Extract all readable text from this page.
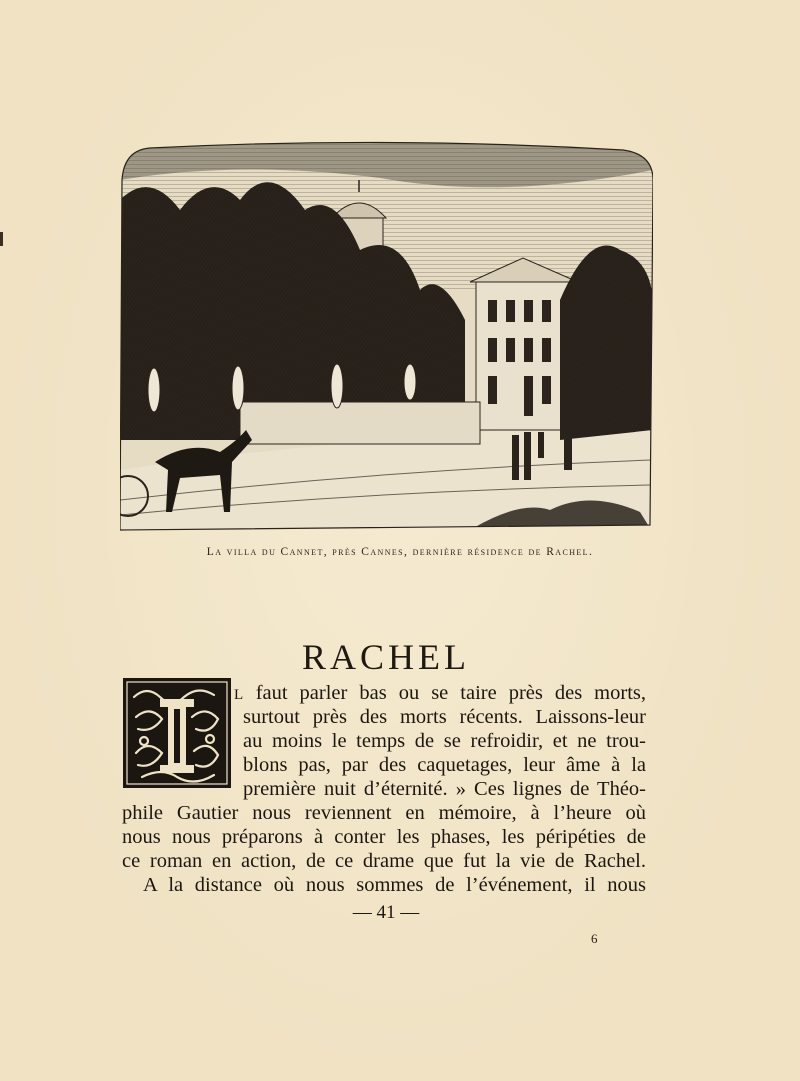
La villa du Cannet, près Cannes, dernière résidence de Rachel.
RACHEL
L faut parler bas ou se taire près des morts,
surtout près des morts récents. Laissons-leur
au moins le temps de se refroidir, et ne trou-
blons pas, par des caquetages, leur âme à la
première nuit d’éternité. » Ces lignes de Théo-
phile Gautier nous reviennent en mémoire, à l’heure où
nous nous préparons à conter les phases, les péripéties de
ce roman en action, de ce drame que fut la vie de Rachel.
A la distance où nous sommes de l’événement, il nous
— 41 —
6
